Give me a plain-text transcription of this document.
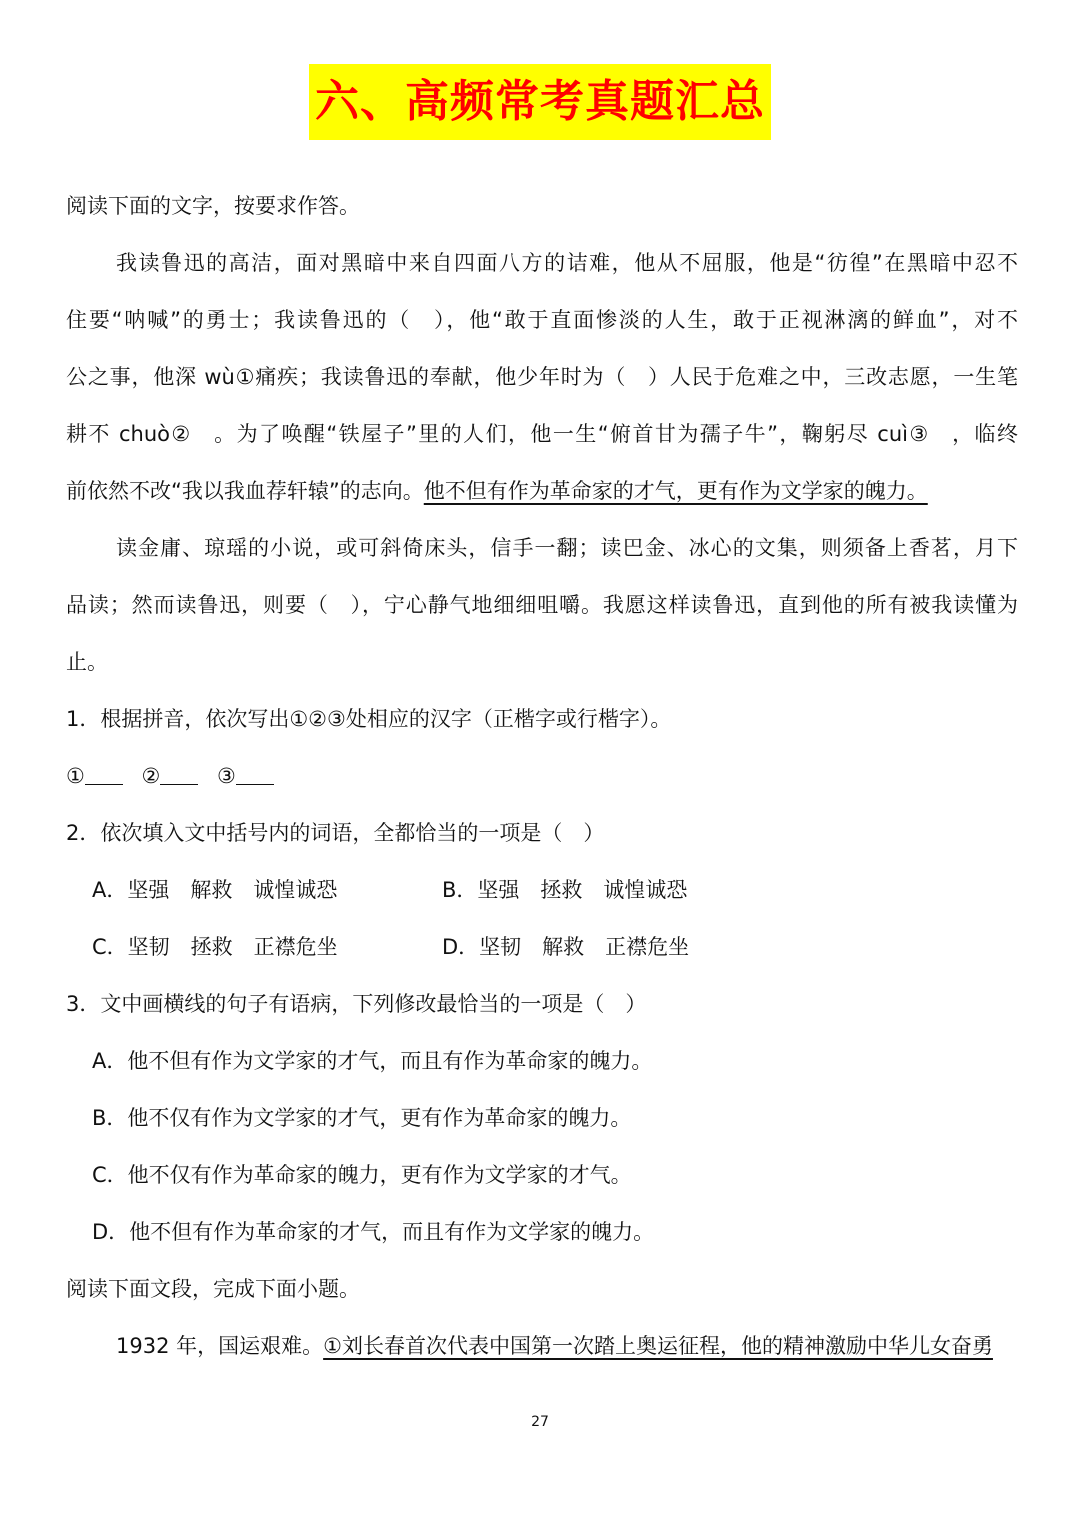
六、高频常考真题汇总
阅读下面的文字，按要求作答。
我读鲁迅的高洁，面对黑暗中来自四面八方的诘难，他从不屈服，他是“彷徨”在黑暗中忍不
住要“呐喊”的勇士；我读鲁迅的（　），他“敢于直面惨淡的人生，敢于正视淋漓的鲜血”，对不
公之事，他深 wù①痛疾；我读鲁迅的奉献，他少年时为（　）人民于危难之中，三改志愿，一生笔
耕不 chuò②　。为了唤醒“铁屋子”里的人们，他一生“俯首甘为孺子牛”，鞠躬尽 cuì③　，临终
前依然不改“我以我血荐轩辕”的志向。他不但有作为革命家的才气，更有作为文学家的魄力。
读金庸、琼瑶的小说，或可斜倚床头，信手一翻；读巴金、冰心的文集，则须备上香茗，月下
品读；然而读鲁迅，则要（　），宁心静气地细细咀嚼。我愿这样读鲁迅，直到他的所有被我读懂为
止。
1．根据拼音，依次写出①②③处相应的汉字（正楷字或行楷字）。
①	②	③
2．依次填入文中括号内的词语，全都恰当的一项是（　）
A．坚强　解救　诚惶诚恐	B．坚强　拯救　诚惶诚恐
C．坚韧　拯救　正襟危坐	D．坚韧　解救　正襟危坐
3．文中画横线的句子有语病，下列修改最恰当的一项是（　）
A．他不但有作为文学家的才气，而且有作为革命家的魄力。
B．他不仅有作为文学家的才气，更有作为革命家的魄力。
C．他不仅有作为革命家的魄力，更有作为文学家的才气。
D．他不但有作为革命家的才气，而且有作为文学家的魄力。
阅读下面文段，完成下面小题。
1932 年，国运艰难。①刘长春首次代表中国第一次踏上奥运征程，他的精神激励中华儿女奋勇
27
